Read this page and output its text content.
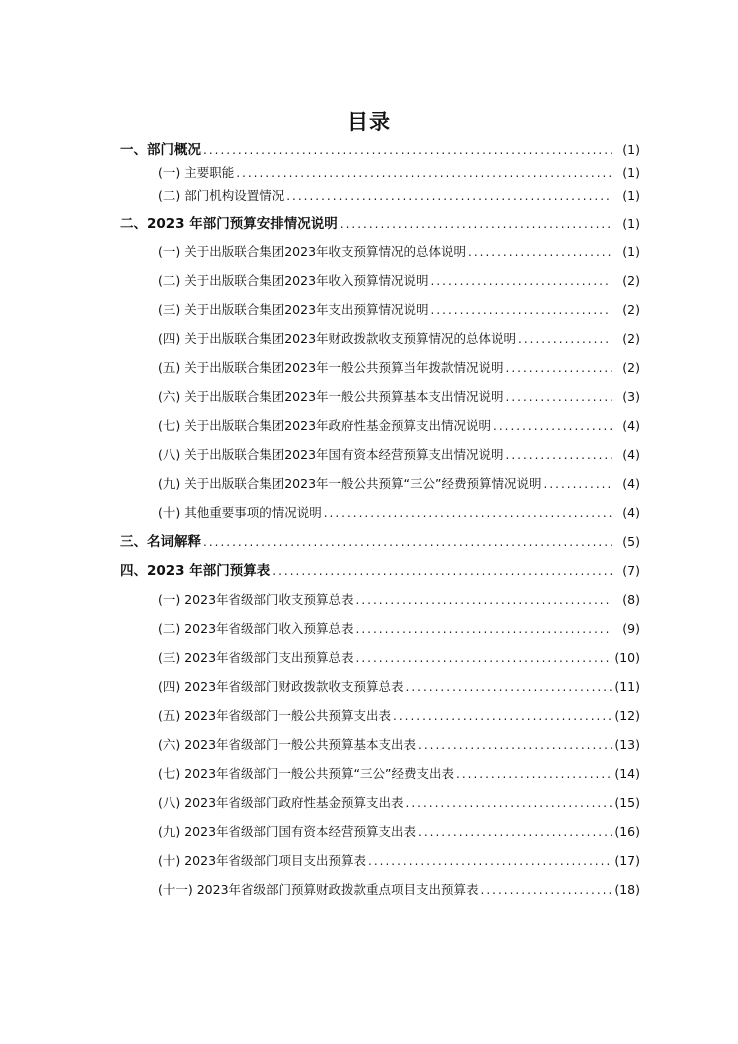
目录
一、部门概况 .....	(1)
(一) 主要职能 .....	(1)
(二) 部门机构设置情况 .....	(1)
二、2023 年部门预算安排情况说明 .....	(1)
(一) 关于出版联合集团2023年收支预算情况的总体说明 .....	(1)
(二) 关于出版联合集团2023年收入预算情况说明 .....	(2)
(三) 关于出版联合集团2023年支出预算情况说明 .....	(2)
(四) 关于出版联合集团2023年财政拨款收支预算情况的总体说明 .....	(2)
(五) 关于出版联合集团2023年一般公共预算当年拨款情况说明 .....	(2)
(六) 关于出版联合集团2023年一般公共预算基本支出情况说明 .....	(3)
(七) 关于出版联合集团2023年政府性基金预算支出情况说明 .....	(4)
(八) 关于出版联合集团2023年国有资本经营预算支出情况说明 .....	(4)
(九) 关于出版联合集团2023年一般公共预算“三公”经费预算情况说明 .....	(4)
(十) 其他重要事项的情况说明 .....	(4)
三、名词解释 .....	(5)
四、2023 年部门预算表 .....	(7)
(一) 2023年省级部门收支预算总表 .....	(8)
(二) 2023年省级部门收入预算总表 .....	(9)
(三) 2023年省级部门支出预算总表 .....	(10)
(四) 2023年省级部门财政拨款收支预算总表 .....	(11)
(五) 2023年省级部门一般公共预算支出表 .....	(12)
(六) 2023年省级部门一般公共预算基本支出表 .....	(13)
(七) 2023年省级部门一般公共预算“三公”经费支出表 .....	(14)
(八) 2023年省级部门政府性基金预算支出表 .....	(15)
(九) 2023年省级部门国有资本经营预算支出表 .....	(16)
(十) 2023年省级部门项目支出预算表 .....	(17)
(十一) 2023年省级部门预算财政拨款重点项目支出预算表 .....	(18)
